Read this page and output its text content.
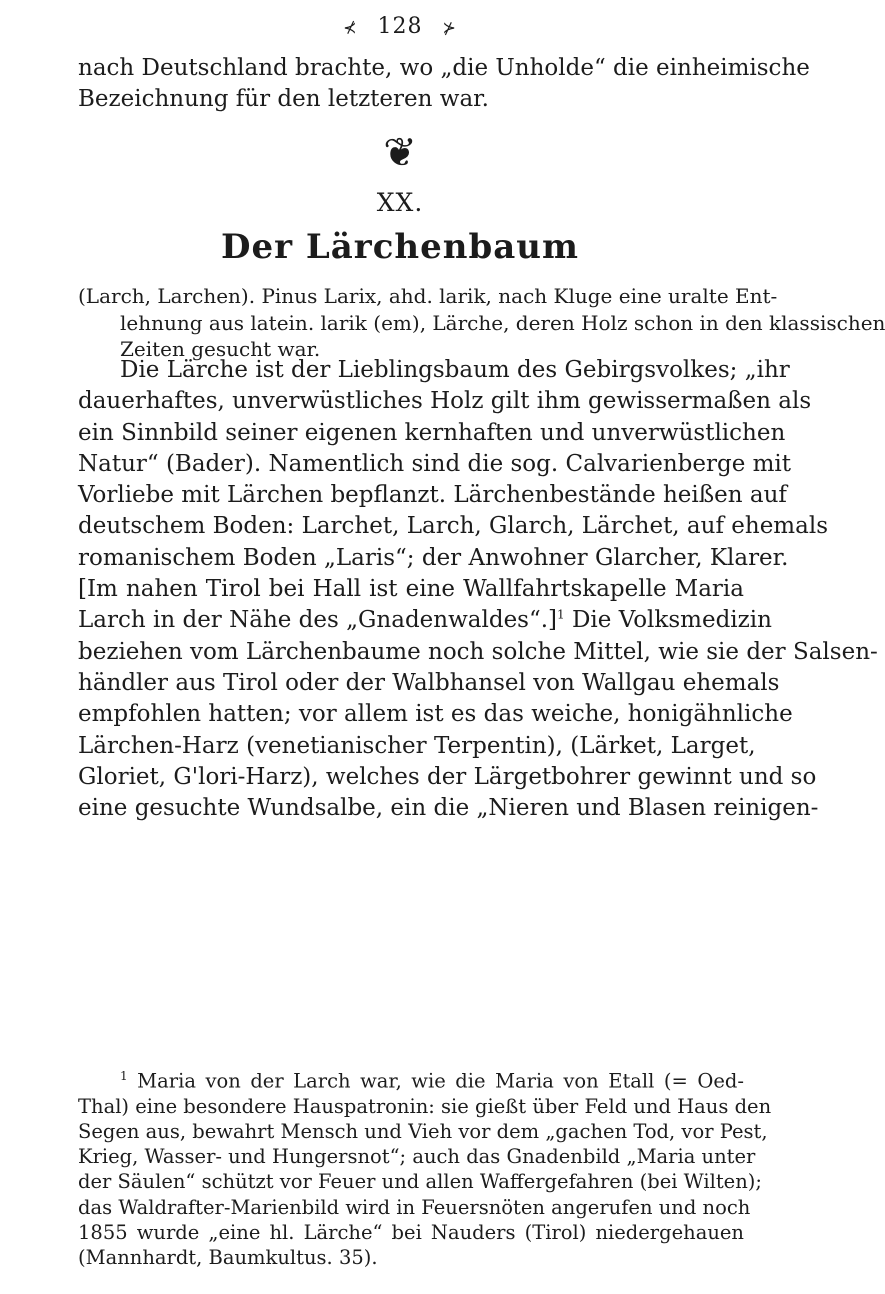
⊀ 128 ⊁
nach Deutschland brachte, wo „die Unholde“ die einheimische
Bezeichnung für den letzteren war.
❦
XX.
Der Lärchenbaum
(Larch, Larchen). Pinus Larix, ahd. larik, nach Kluge eine uralte Ent-
lehnung aus latein. larik (em), Lärche, deren Holz schon in den klassischen
Zeiten gesucht war.
Die Lärche ist der Lieblingsbaum des Gebirgsvolkes; „ihr
dauerhaftes, unverwüstliches Holz gilt ihm gewissermaßen als
ein Sinnbild seiner eigenen kernhaften und unverwüstlichen
Natur“ (Bader). Namentlich sind die sog. Calvarienberge mit
Vorliebe mit Lärchen bepflanzt. Lärchenbestände heißen auf
deutschem Boden: Larchet, Larch, Glarch, Lärchet, auf ehemals
romanischem Boden „Laris“; der Anwohner Glarcher, Klarer.
[Im nahen Tirol bei Hall ist eine Wallfahrtskapelle Maria
Larch in der Nähe des „Gnadenwaldes“.]$^1$ Die Volksmedizin
beziehen vom Lärchenbaume noch solche Mittel, wie sie der Salsen-
händler aus Tirol oder der Walbhansel von Wallgau ehemals
empfohlen hatten; vor allem ist es das weiche, honigähnliche
Lärchen-Harz (venetianischer Terpentin), (Lärket, Larget,
Gloriet, G'lori-Harz), welches der Lärgetbohrer gewinnt und so
eine gesuchte Wundsalbe, ein die „Nieren und Blasen reinigen-
$^1$ Maria von der Larch war, wie die Maria von Etall (= Oed-
Thal) eine besondere Hauspatronin: sie gießt über Feld und Haus den
Segen aus, bewahrt Mensch und Vieh vor dem „gachen Tod, vor Pest,
Krieg, Wasser- und Hungersnot“; auch das Gnadenbild „Maria unter
der Säulen“ schützt vor Feuer und allen Waffergefahren (bei Wilten);
das Waldrafter-Marienbild wird in Feuersnöten angerufen und noch
1855 wurde „eine hl. Lärche“ bei Nauders (Tirol) niedergehauen
(Mannhardt, Baumkultus. 35).
